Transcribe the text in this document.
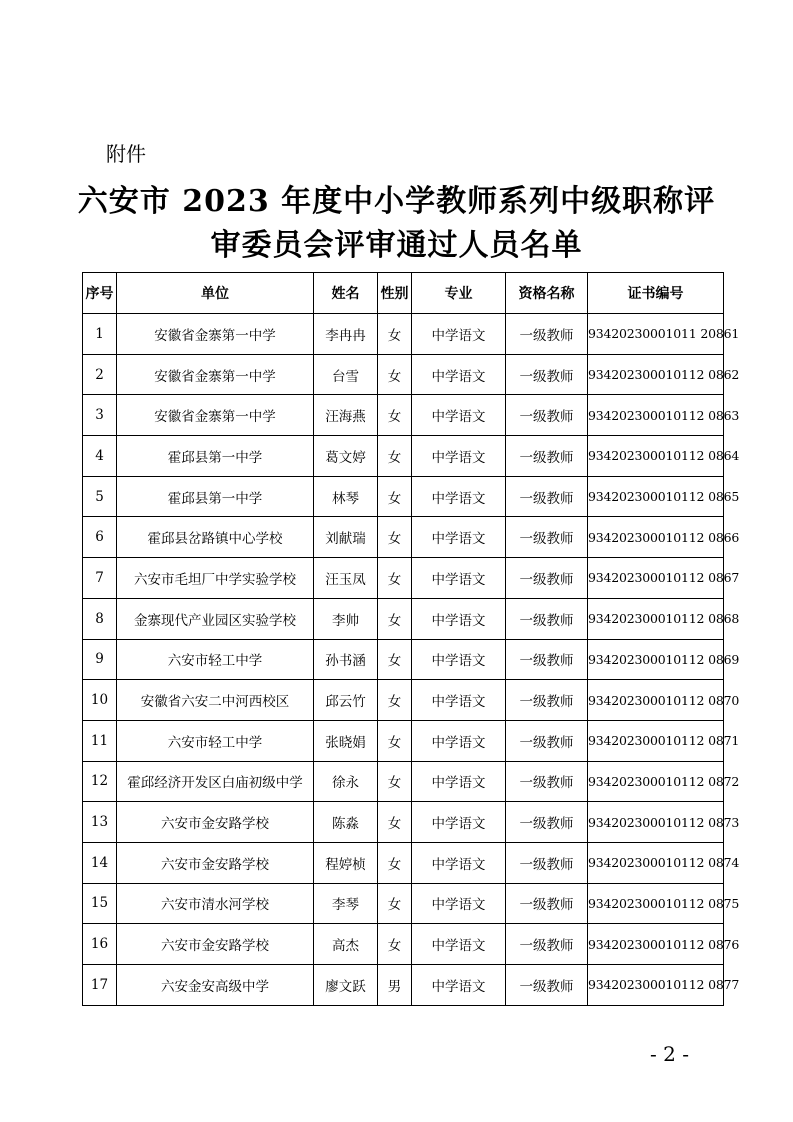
附件
六安市 2023 年度中小学教师系列中级职称评
审委员会评审通过人员名单
序号	单位	姓名	性别	专业	资格名称	证书编号
1	安徽省金寨第一中学	李冉冉	女	中学语文	一级教师	93420230001011 20861
2	安徽省金寨第一中学	台雪	女	中学语文	一级教师	934202300010112 0862
3	安徽省金寨第一中学	汪海燕	女	中学语文	一级教师	934202300010112 0863
4	霍邱县第一中学	葛文婷	女	中学语文	一级教师	934202300010112 0864
5	霍邱县第一中学	林琴	女	中学语文	一级教师	934202300010112 0865
6	霍邱县岔路镇中心学校	刘献瑞	女	中学语文	一级教师	934202300010112 0866
7	六安市毛坦厂中学实验学校	汪玉凤	女	中学语文	一级教师	934202300010112 0867
8	金寨现代产业园区实验学校	李帅	女	中学语文	一级教师	934202300010112 0868
9	六安市轻工中学	孙书涵	女	中学语文	一级教师	934202300010112 0869
10	安徽省六安二中河西校区	邱云竹	女	中学语文	一级教师	934202300010112 0870
11	六安市轻工中学	张晓娟	女	中学语文	一级教师	934202300010112 0871
12	霍邱经济开发区白庙初级中学	徐永	女	中学语文	一级教师	934202300010112 0872
13	六安市金安路学校	陈淼	女	中学语文	一级教师	934202300010112 0873
14	六安市金安路学校	程婷桢	女	中学语文	一级教师	934202300010112 0874
15	六安市清水河学校	李琴	女	中学语文	一级教师	934202300010112 0875
16	六安市金安路学校	高杰	女	中学语文	一级教师	934202300010112 0876
17	六安金安高级中学	廖文跃	男	中学语文	一级教师	934202300010112 0877
- 2 -
